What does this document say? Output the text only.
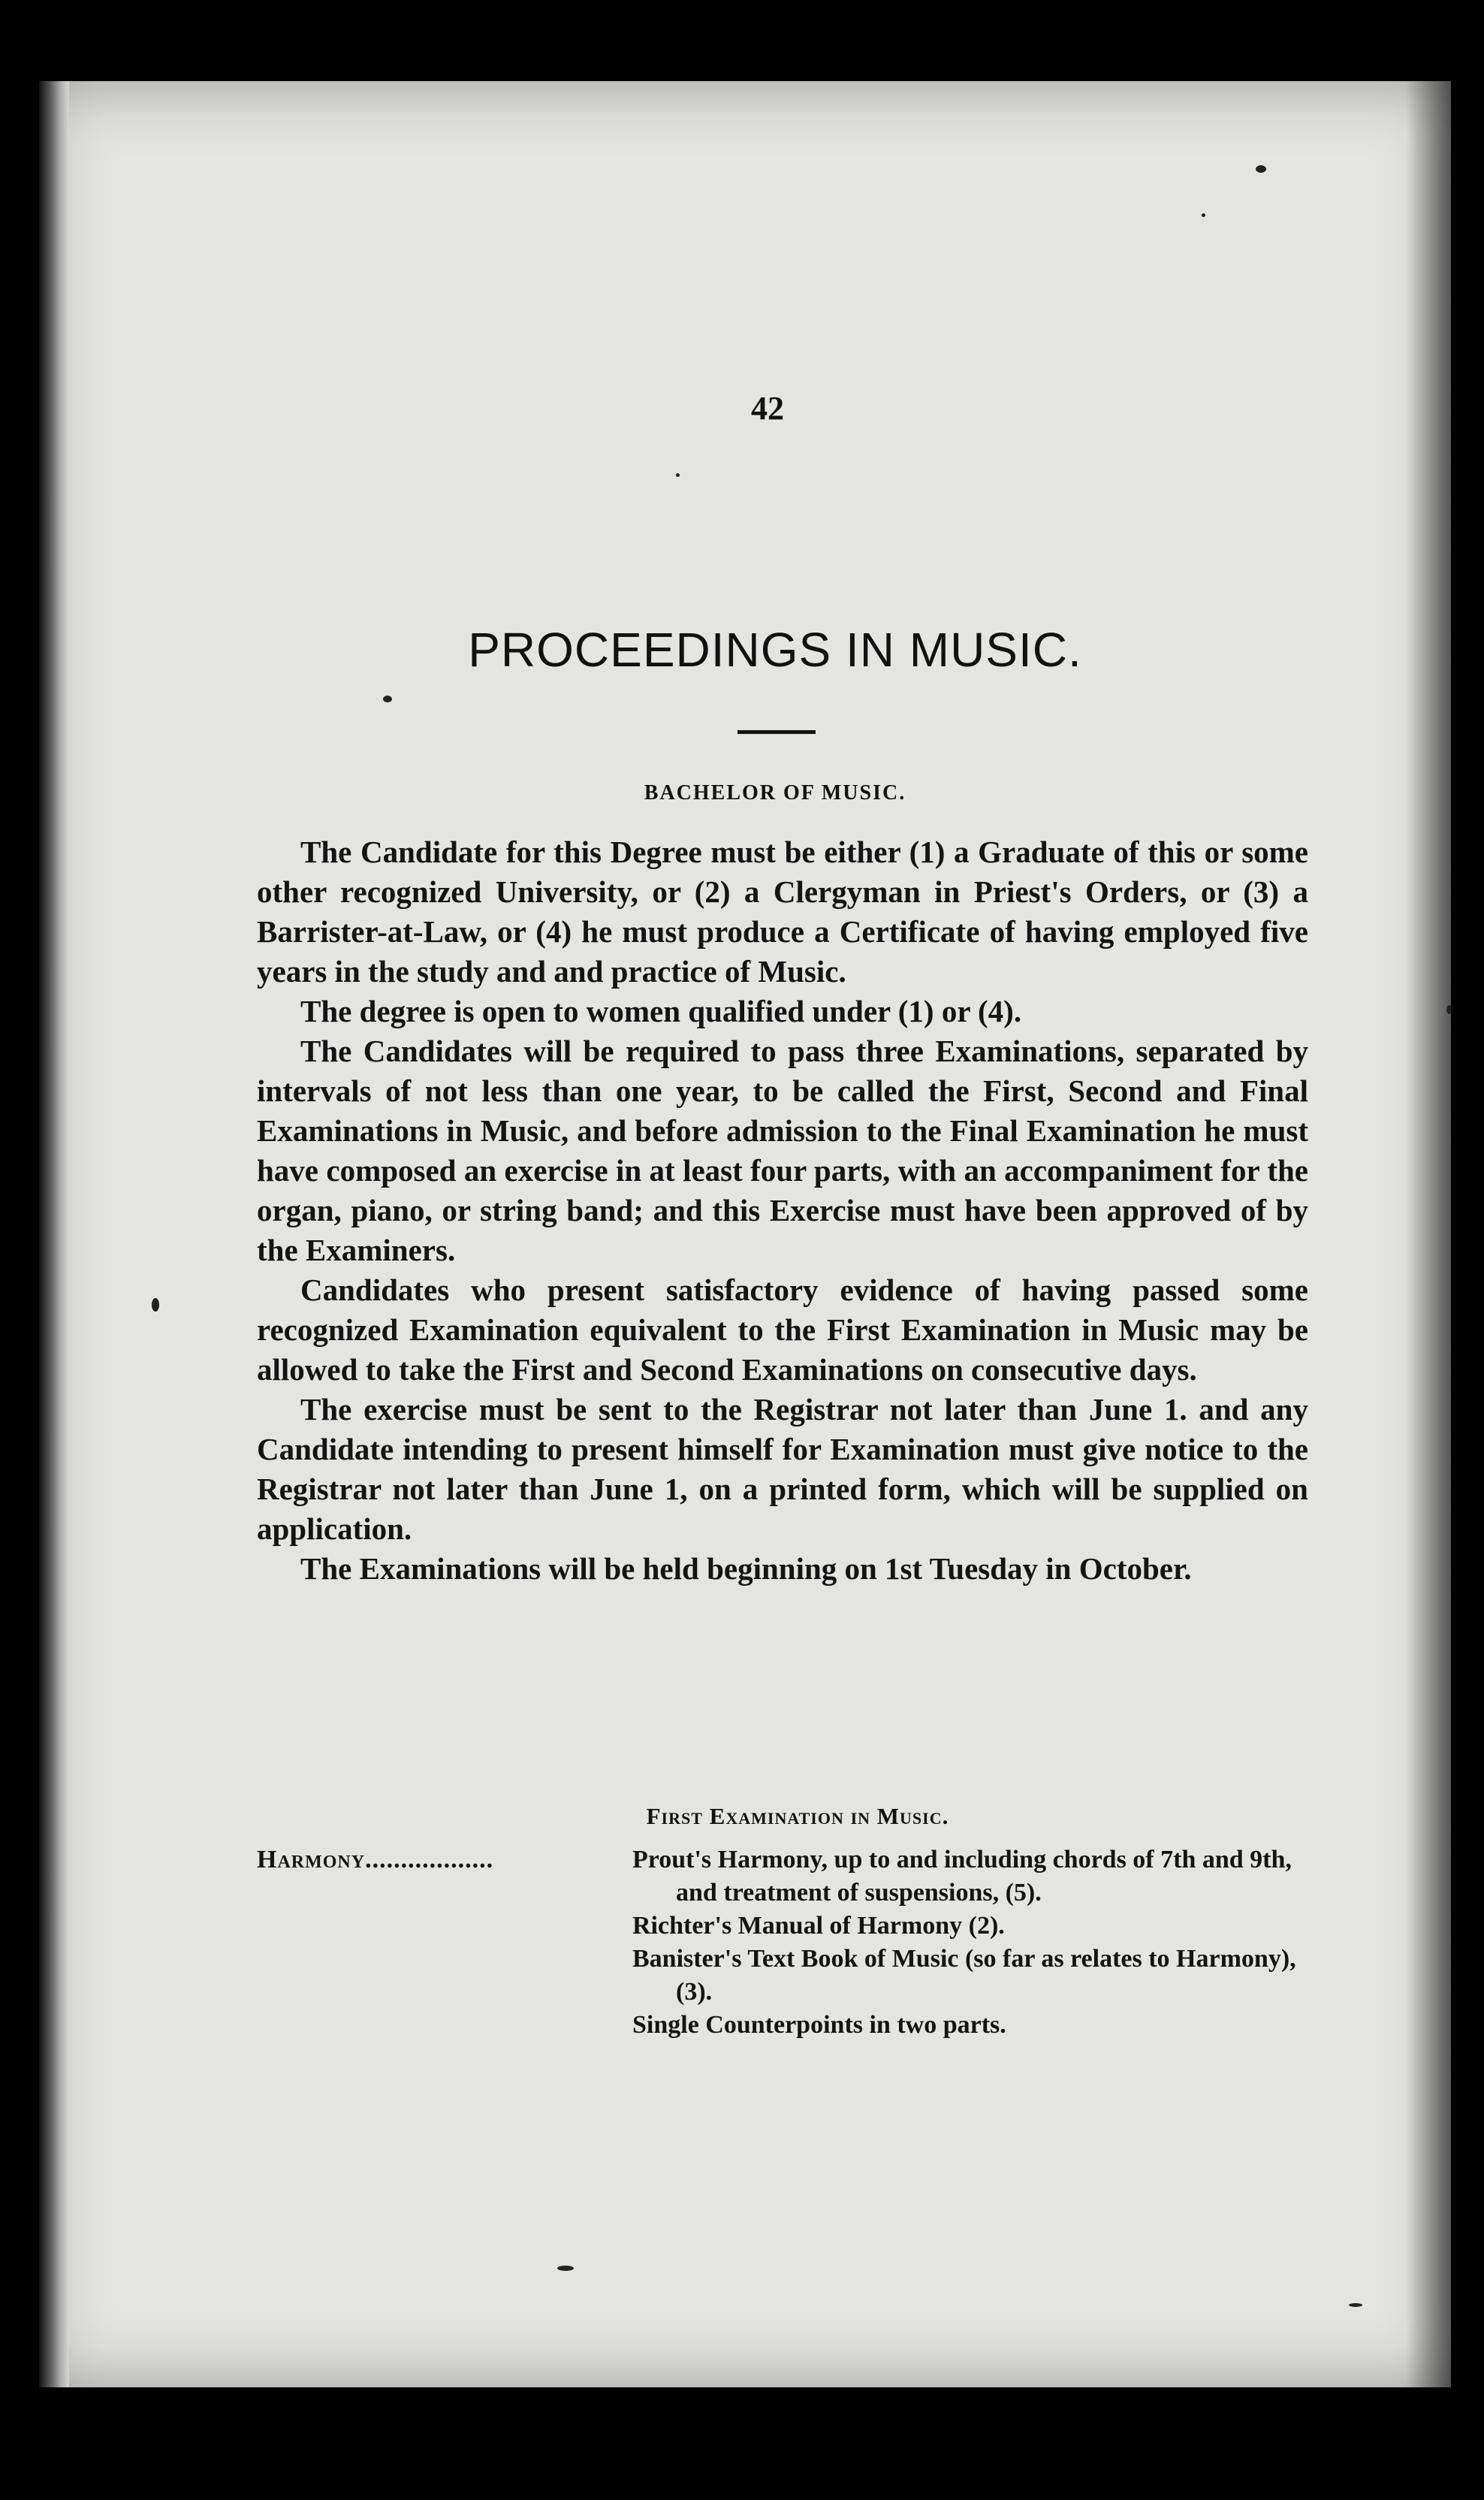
42
PROCEEDINGS IN MUSIC.
BACHELOR OF MUSIC.

The Candidate for this Degree must be either (1) a Graduate of this or some other recognized University, or (2) a Clergyman in Priest's Orders, or (3) a Barrister-at-Law, or (4) he must produce a Certificate of having employed five years in the study and and practice of Music.

The degree is open to women qualified under (1) or (4).

The Candidates will be required to pass three Examinations, separated by intervals of not less than one year, to be called the First, Second and Final Examinations in Music, and before admission to the Final Examination he must have composed an exercise in at least four parts, with an accompaniment for the organ, piano, or string band; and this Exercise must have been approved of by the Examiners.

Candidates who present satisfactory evidence of having passed some recognized Examination equivalent to the First Examination in Music may be allowed to take the First and Second Examinations on consecutive days.

The exercise must be sent to the Registrar not later than June 1. and any Candidate intending to present himself for Examination must give notice to the Registrar not later than June 1, on a printed form, which will be supplied on application.

The Examinations will be held beginning on 1st Tuesday in October.

First Examination in Music.
Harmony..................	Prout's Harmony, up to and including chords of 7th and 9th, and treatment of suspensions, (5).
Richter's Manual of Harmony (2).
Banister's Text Book of Music (so far as relates to Harmony), (3).
Single Counterpoints in two parts.
